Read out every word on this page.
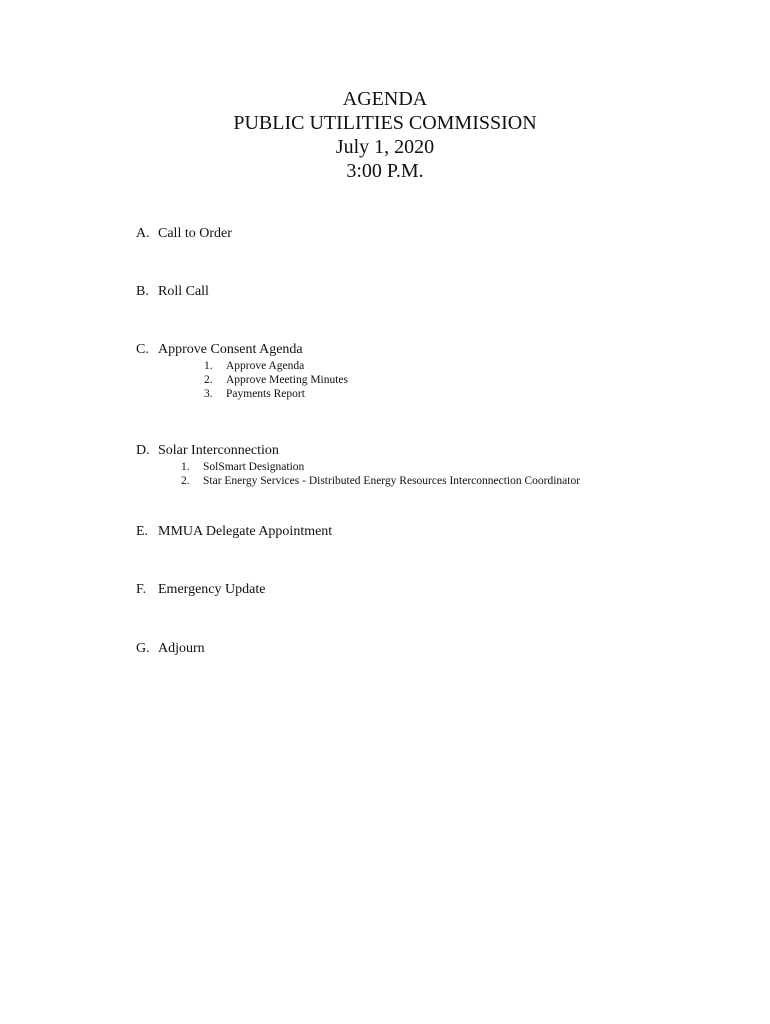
AGENDA
PUBLIC UTILITIES COMMISSION
July 1, 2020
3:00 P.M.
A. Call to Order
B. Roll Call
C. Approve Consent Agenda
1. Approve Agenda
2. Approve Meeting Minutes
3. Payments Report
D. Solar Interconnection
1. SolSmart Designation
2. Star Energy Services - Distributed Energy Resources Interconnection Coordinator
E. MMUA Delegate Appointment
F. Emergency Update
G. Adjourn
